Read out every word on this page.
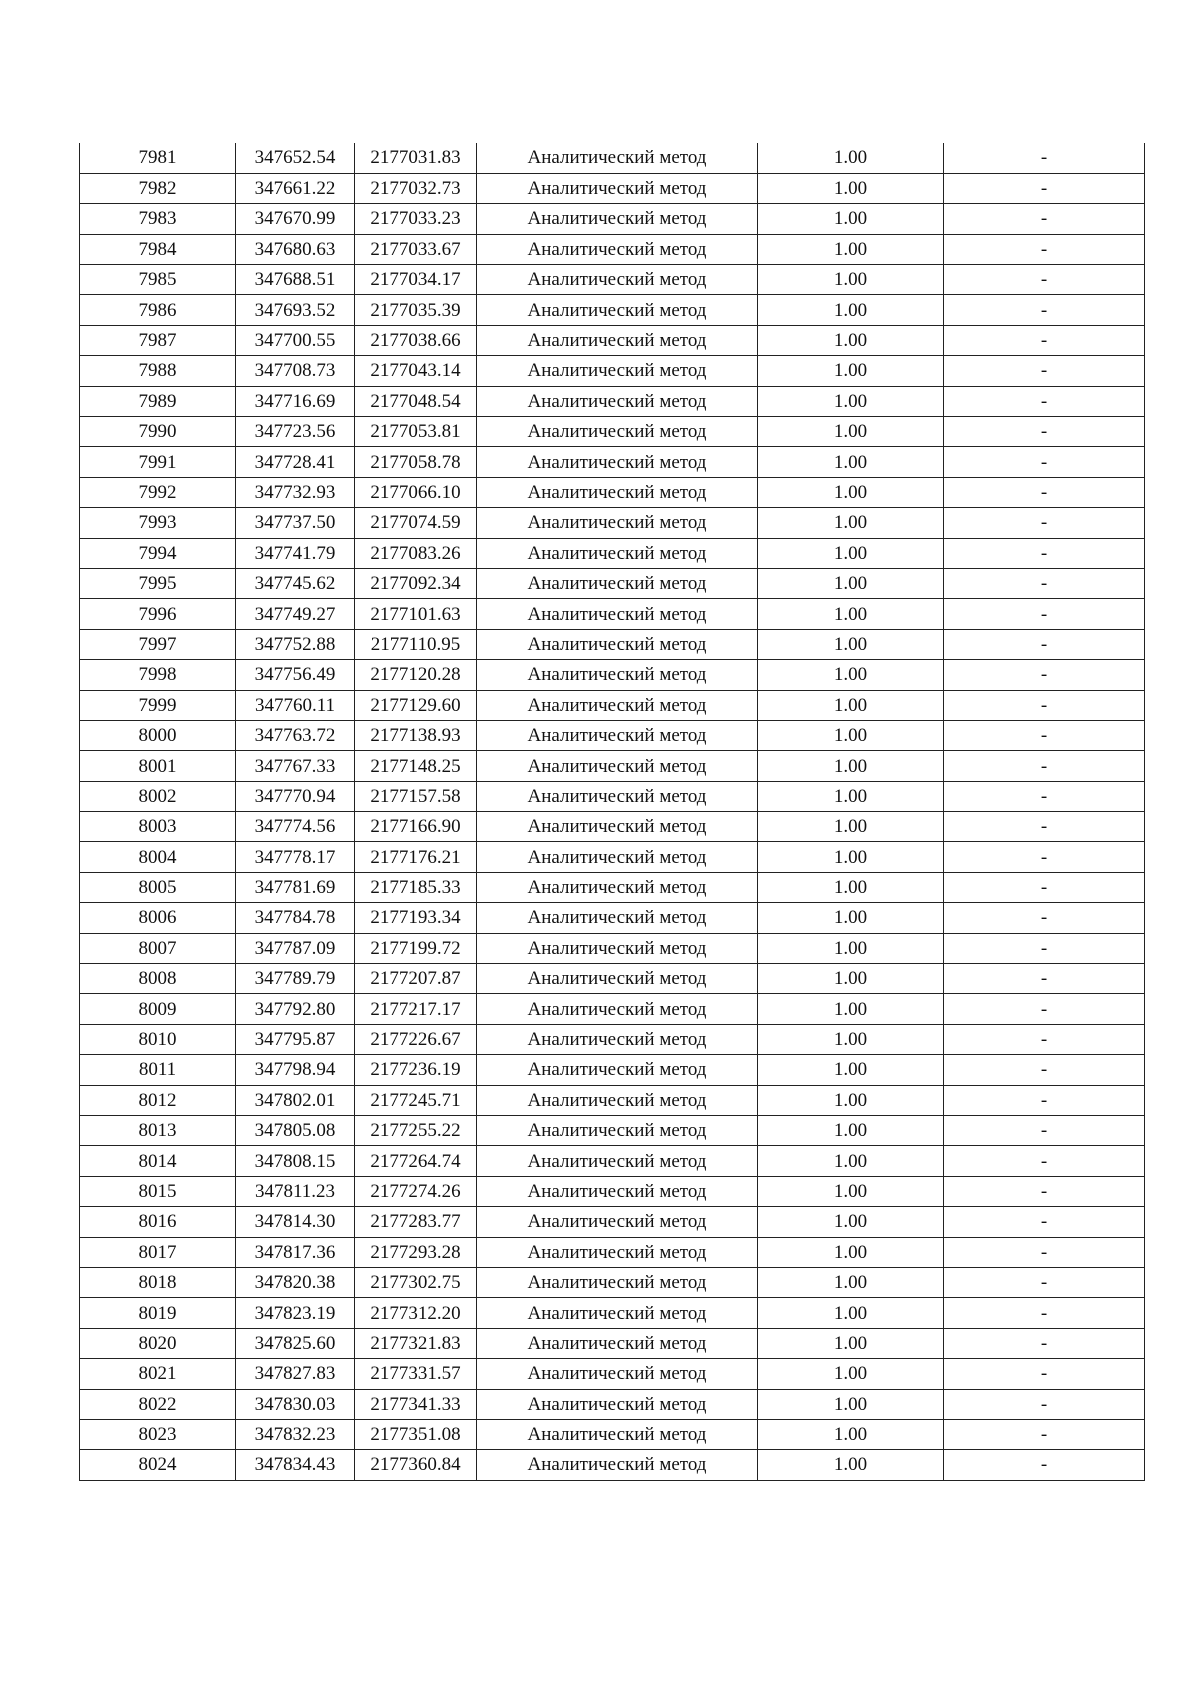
7981	347652.54	2177031.83	Аналитический метод	1.00	-
7982	347661.22	2177032.73	Аналитический метод	1.00	-
7983	347670.99	2177033.23	Аналитический метод	1.00	-
7984	347680.63	2177033.67	Аналитический метод	1.00	-
7985	347688.51	2177034.17	Аналитический метод	1.00	-
7986	347693.52	2177035.39	Аналитический метод	1.00	-
7987	347700.55	2177038.66	Аналитический метод	1.00	-
7988	347708.73	2177043.14	Аналитический метод	1.00	-
7989	347716.69	2177048.54	Аналитический метод	1.00	-
7990	347723.56	2177053.81	Аналитический метод	1.00	-
7991	347728.41	2177058.78	Аналитический метод	1.00	-
7992	347732.93	2177066.10	Аналитический метод	1.00	-
7993	347737.50	2177074.59	Аналитический метод	1.00	-
7994	347741.79	2177083.26	Аналитический метод	1.00	-
7995	347745.62	2177092.34	Аналитический метод	1.00	-
7996	347749.27	2177101.63	Аналитический метод	1.00	-
7997	347752.88	2177110.95	Аналитический метод	1.00	-
7998	347756.49	2177120.28	Аналитический метод	1.00	-
7999	347760.11	2177129.60	Аналитический метод	1.00	-
8000	347763.72	2177138.93	Аналитический метод	1.00	-
8001	347767.33	2177148.25	Аналитический метод	1.00	-
8002	347770.94	2177157.58	Аналитический метод	1.00	-
8003	347774.56	2177166.90	Аналитический метод	1.00	-
8004	347778.17	2177176.21	Аналитический метод	1.00	-
8005	347781.69	2177185.33	Аналитический метод	1.00	-
8006	347784.78	2177193.34	Аналитический метод	1.00	-
8007	347787.09	2177199.72	Аналитический метод	1.00	-
8008	347789.79	2177207.87	Аналитический метод	1.00	-
8009	347792.80	2177217.17	Аналитический метод	1.00	-
8010	347795.87	2177226.67	Аналитический метод	1.00	-
8011	347798.94	2177236.19	Аналитический метод	1.00	-
8012	347802.01	2177245.71	Аналитический метод	1.00	-
8013	347805.08	2177255.22	Аналитический метод	1.00	-
8014	347808.15	2177264.74	Аналитический метод	1.00	-
8015	347811.23	2177274.26	Аналитический метод	1.00	-
8016	347814.30	2177283.77	Аналитический метод	1.00	-
8017	347817.36	2177293.28	Аналитический метод	1.00	-
8018	347820.38	2177302.75	Аналитический метод	1.00	-
8019	347823.19	2177312.20	Аналитический метод	1.00	-
8020	347825.60	2177321.83	Аналитический метод	1.00	-
8021	347827.83	2177331.57	Аналитический метод	1.00	-
8022	347830.03	2177341.33	Аналитический метод	1.00	-
8023	347832.23	2177351.08	Аналитический метод	1.00	-
8024	347834.43	2177360.84	Аналитический метод	1.00	-
